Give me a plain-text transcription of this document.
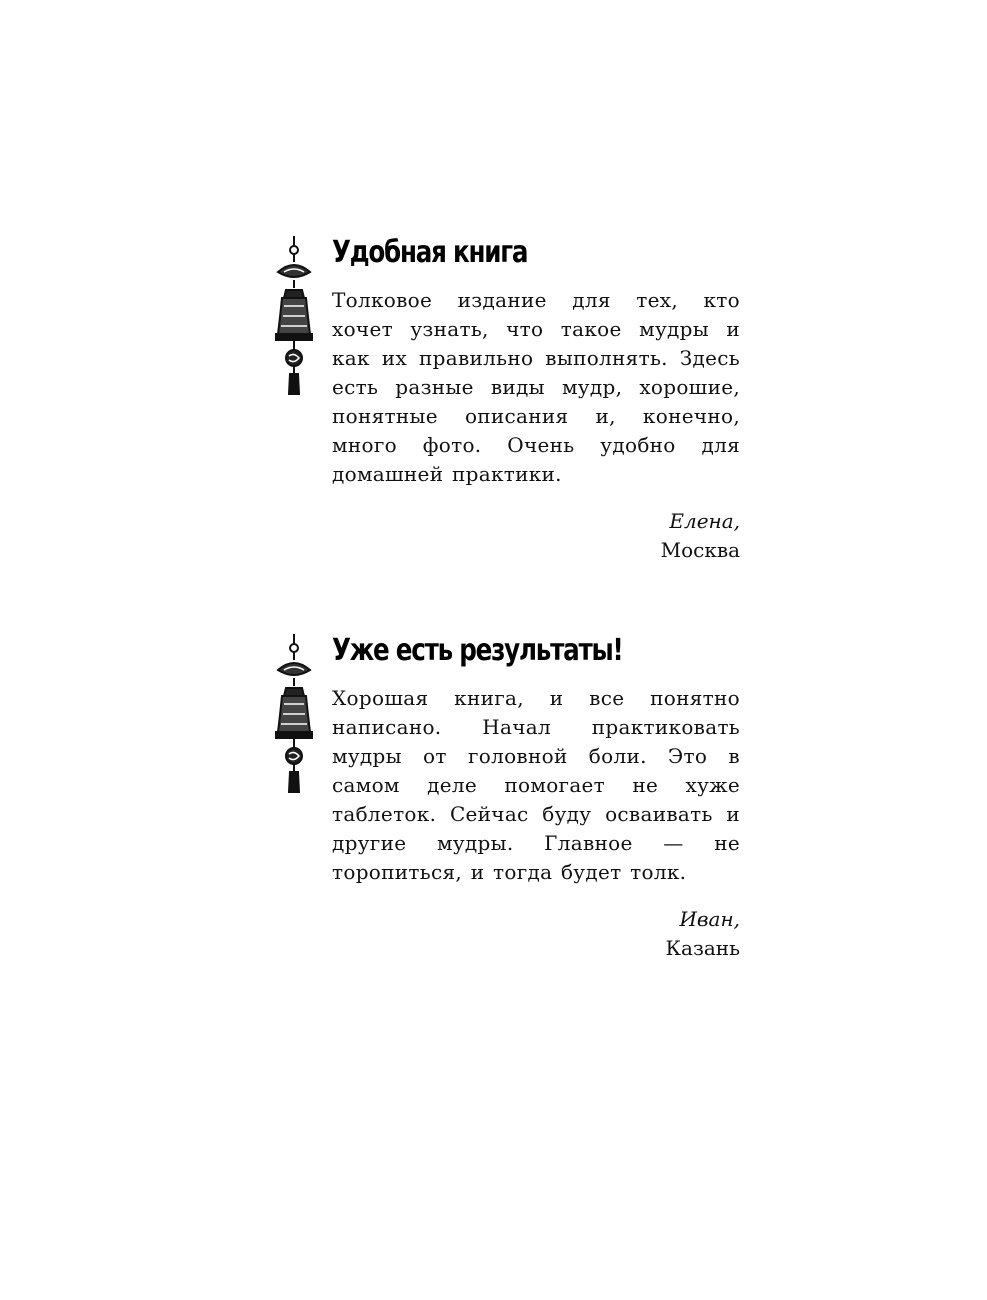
Удобная книга

Толковое издание для тех, кто хочет узнать, что такое мудры и как их правильно выполнять. Здесь есть разные виды мудр, хорошие, понятные описания и, конечно, много фото. Очень удобно для домашней практики.

Елена,
Москва
Уже есть результаты!

Хорошая книга, и все понятно написано. Начал практиковать мудры от головной боли. Это в самом деле помогает не хуже таблеток. Сейчас буду осваивать и другие мудры. Главное — не торопиться, и тогда будет толк.

Иван,
Казань
